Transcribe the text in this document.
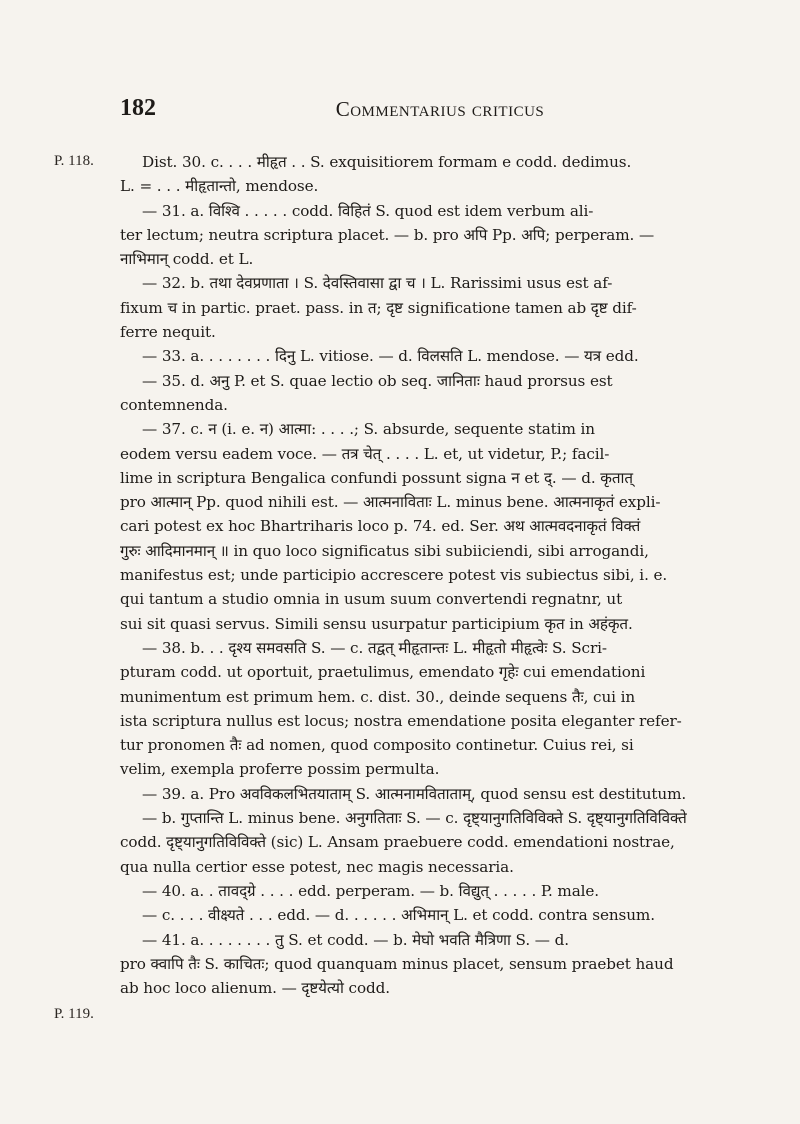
182	Commentarius criticus
P. 118.
P. 119.
Dist. 30. c. . . . मीहृत . . S. exquisitiorem formam e codd. dedimus.
L. = . . . मीहृतान्तो, mendose.
— 31. a. विश्वि . . . . . codd. विहितं S. quod est idem verbum ali-
ter lectum; neutra scriptura placet. — b. pro अपि Pp. अपि; perperam. —
नाभिमान् codd. et L.
— 32. b. तथा देवप्रणाता । S. देवस्तिवासा द्वा च । L. Rarissimi usus est af-
fixum च in partic. praet. pass. in त; दृष्ट significatione tamen ab दृष्ट dif-
ferre nequit.
— 33. a. . . . . . . . दिनु L. vitiose. — d. विलसति L. mendose. — यत्र edd.
— 35. d. अनु P. et S. quae lectio ob seq. जानिताः haud prorsus est
contemnenda.
— 37. c. न (i. e. न) आत्मा: . . . .; S. absurde, sequente statim in
eodem versu eadem voce. — तत्र चेत् . . . . L. et, ut videtur, P.; facil-
lime in scriptura Bengalica confundi possunt signa न et द्. — d. कृतात्
pro आत्मान् Pp. quod nihili est. — आत्मनाविताः L. minus bene. आत्मनाकृतं expli-
cari potest ex hoc Bhartriharis loco p. 74. ed. Ser. अथ आत्मवदनाकृतं विक्तं
गुरुः आदिमानमान् ॥ in quo loco significatus sibi subiiciendi, sibi arrogandi,
manifestus est; unde participio accrescere potest vis subiectus sibi, i. e.
qui tantum a studio omnia in usum suum convertendi regnatnr, ut
sui sit quasi servus. Simili sensu usurpatur participium कृत in अहंकृत.
— 38. b. . . दृश्य समवसति S. — c. तद्वत् मीहृतान्तः L. मीहृतो मीहृत्वेः S. Scri-
pturam codd. ut oportuit, praetulimus, emendato गृहेः cui emendationi
munimentum est primum hem. c. dist. 30., deinde sequens तैः, cui in
ista scriptura nullus est locus; nostra emendatione posita eleganter refer-
tur pronomen तैः ad nomen, quod composito continetur. Cuius rei, si
velim, exempla proferre possim permulta.
— 39. a. Pro अवविकलभितयाताम् S. आत्मनामविताताम्, quod sensu est destitutum.
— b. गुप्तान्ति L. minus bene. अनुगतिताः S. — c. दृष्ट्यानुगतिविविक्ते S. दृष्ट्यानुगतिविविक्ते
codd. दृष्ट्यानुगतिविविक्ते (sic) L. Ansam praebuere codd. emendationi nostrae,
qua nulla certior esse potest, nec magis necessaria.
— 40. a. . तावद्ग्रे . . . . edd. perperam. — b. विद्युत् . . . . . P. male.
— c. . . . वीक्ष्यते . . . edd. — d. . . . . . अभिमान् L. et codd. contra sensum.
— 41. a. . . . . . . . तु S. et codd. — b. मेघो भवति मैत्रिणा S. — d.
pro क्वापि तैः S. काचितः; quod quanquam minus placet, sensum praebet haud
ab hoc loco alienum. — दृष्टयेत्यो codd.
